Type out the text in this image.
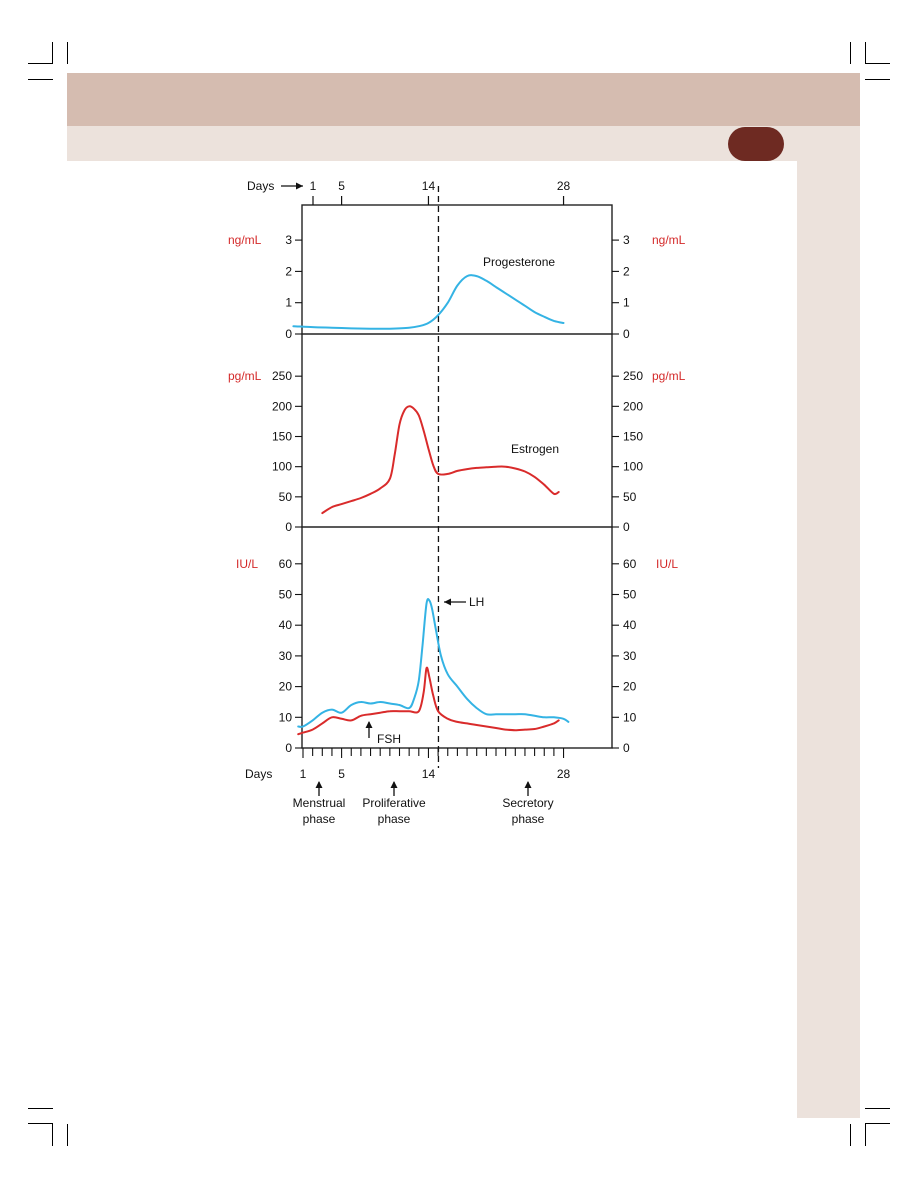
Days	1 5	14	28
0	0
1	1
2	2
3	3
ng/mL	ng/mL
0	0
50	50
100	100
150	150
200	200
250	250
pg/mL	pg/mL
0	0
10	10
20	20
30	30
40	40
50	50
60	60
IU/L	IU/L
Days 1	5	14	28
Progesterone
Estrogen
LH
FSH
Menstrual
phase
Proliferative
phase
Secretory
phase
